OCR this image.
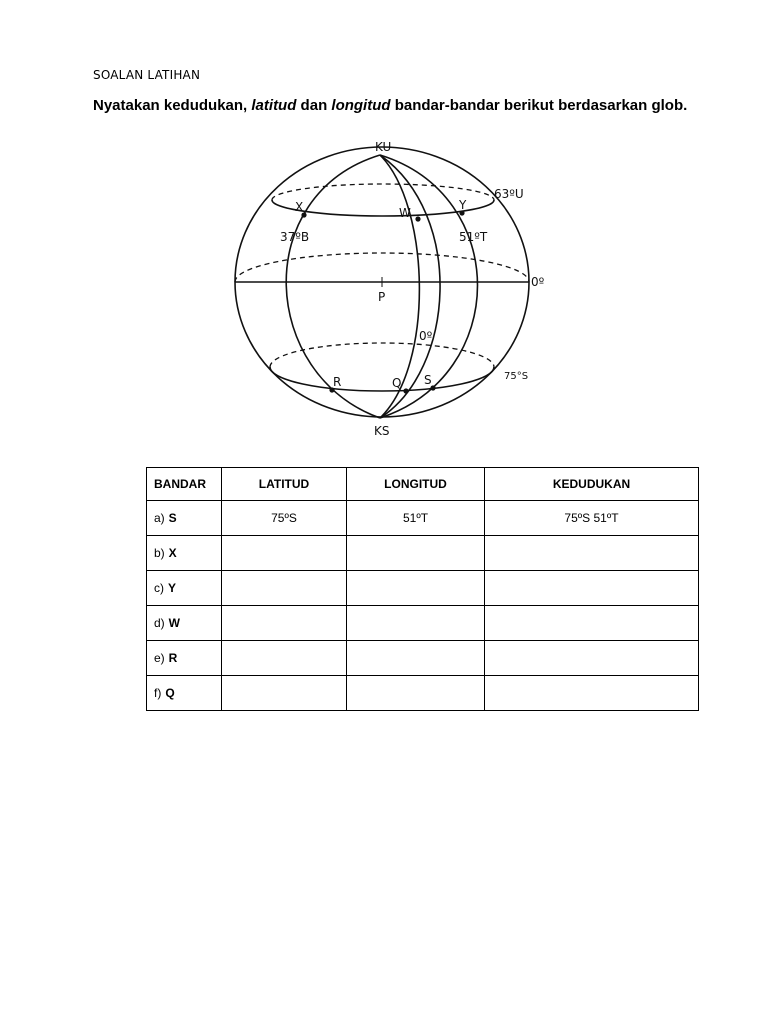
SOALAN LATIHAN
Nyatakan kedudukan, latitud dan longitud bandar-bandar berikut berdasarkan glob.
KU
KS
63ºU
0º
75°S
P
0º
37ºB	51ºT
X	W
Y
R	Q S
BANDAR	LATITUD	LONGITUD	KEDUDUKAN
a) S	75ºS	51ºT	75ºS 51ºT
b) X			
c) Y			
d) W			
e) R			
f) Q			
